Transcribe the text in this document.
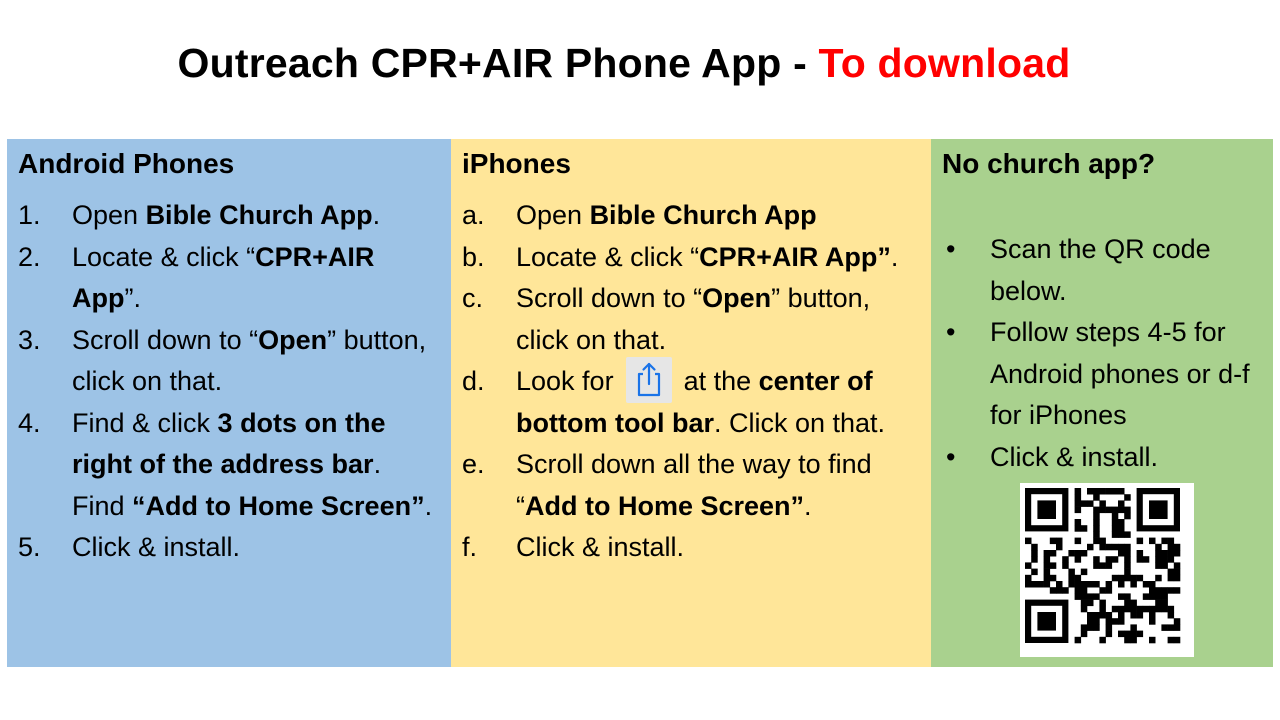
Outreach CPR+AIR Phone App - To download
Android Phones
1.	Open Bible Church App.
2.	Locate & click “CPR+AIR App”.
3.	Scroll down to “Open” button, click on that.
4.	Find & click 3 dots on the right of the address bar. Find “Add to Home Screen”.
5.	Click & install.
iPhones
a.	Open Bible Church App
b.	Locate & click “CPR+AIR App”.
c.	Scroll down to “Open” button, click on that.
d.	Look for	at the center of bottom tool bar. Click on that.
e.	Scroll down all the way to find “Add to Home Screen”.
f.	Click & install.
No church app?
•	Scan the QR code below.
•	Follow steps 4-5 for Android phones or d-f for iPhones
•	Click & install.
